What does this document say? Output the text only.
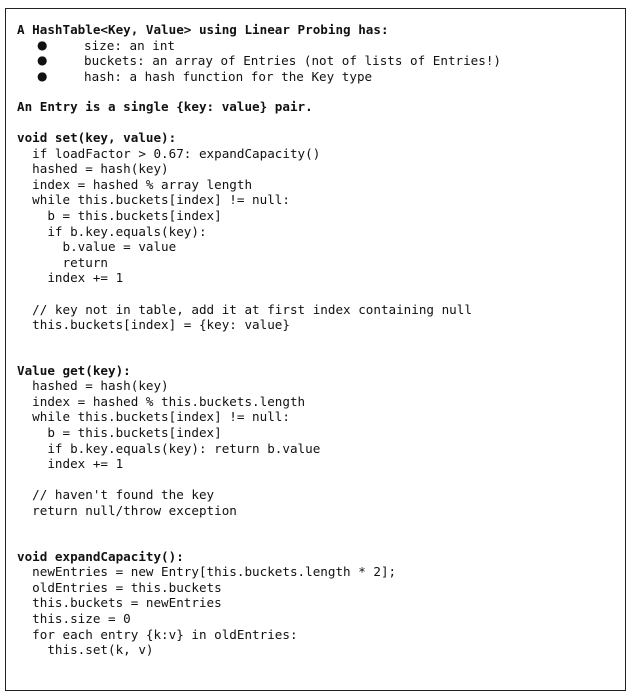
A HashTable<Key, Value> using Linear Probing has:
●	size: an int
●	buckets: an array of Entries (not of lists of Entries!)
●	hash: a hash function for the Key type
An Entry is a single {key: value} pair.
void set(key, value):
if loadFactor > 0.67: expandCapacity()
hashed = hash(key)
index = hashed % array length
while this.buckets[index] != null:
b = this.buckets[index]
if b.key.equals(key):
b.value = value
return
index += 1
// key not in table, add it at first index containing null
this.buckets[index] = {key: value}
Value get(key):
hashed = hash(key)
index = hashed % this.buckets.length
while this.buckets[index] != null:
b = this.buckets[index]
if b.key.equals(key): return b.value
index += 1
// haven't found the key
return null/throw exception
void expandCapacity():
newEntries = new Entry[this.buckets.length * 2];
oldEntries = this.buckets
this.buckets = newEntries
this.size = 0
for each entry {k:v} in oldEntries:
this.set(k, v)
